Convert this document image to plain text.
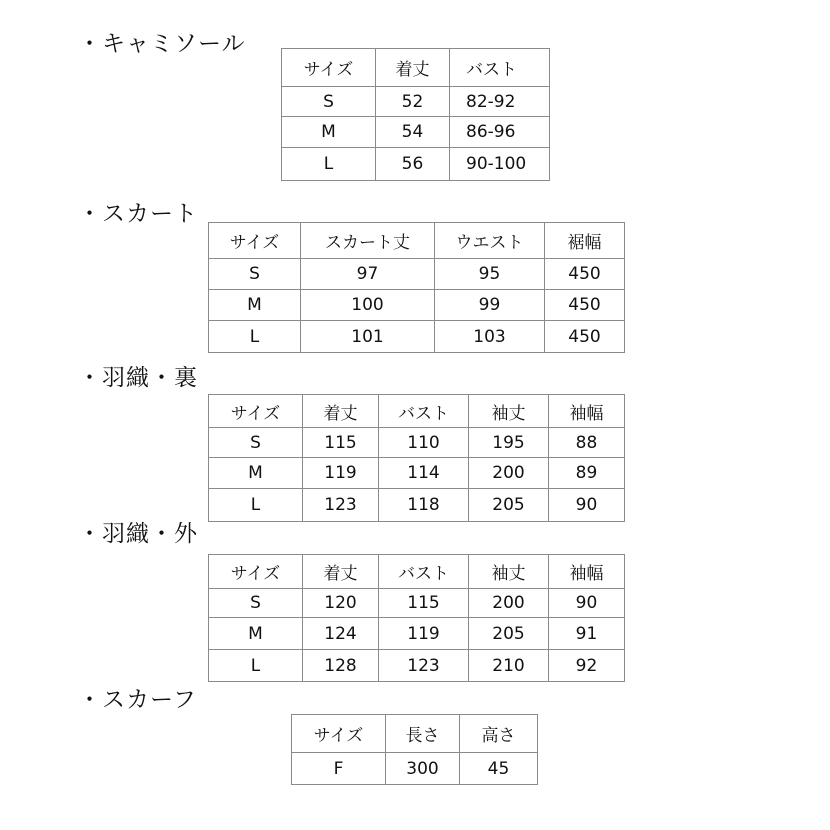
・キャミソール
サイズ	着丈	バスト
S	52	82-92
M	54	86-96
L	56	90-100
・スカート
サイズ	スカート丈	ウエスト	裾幅
S	97	95	450
M	100	99	450
L	101	103	450
・羽織・裏
サイズ	着丈	バスト	袖丈	袖幅
S	115	110	195	88
M	119	114	200	89
L	123	118	205	90
・羽織・外
サイズ	着丈	バスト	袖丈	袖幅
S	120	115	200	90
M	124	119	205	91
L	128	123	210	92
・スカーフ
サイズ	長さ	高さ
F	300	45
